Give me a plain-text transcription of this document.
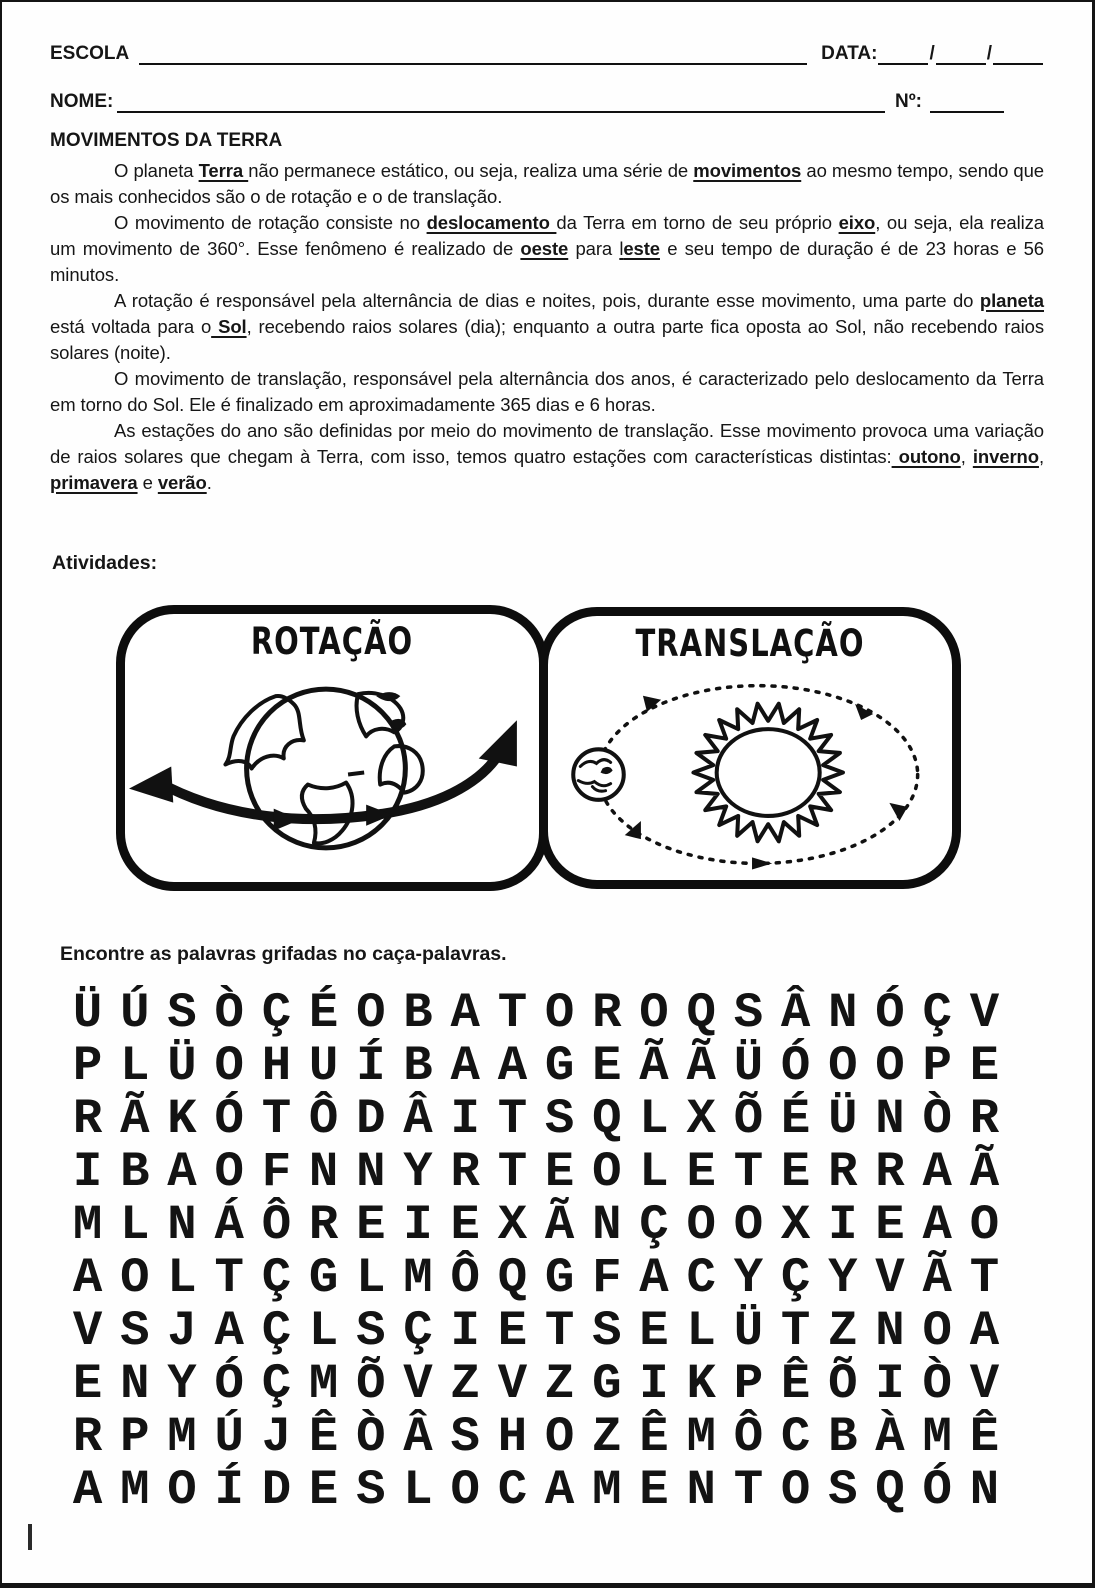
ESCOLA	DATA:	/	/
NOME:	Nº:
MOVIMENTOS DA TERRA

O planeta Terra não permanece estático, ou seja, realiza uma série de movimentos ao mesmo tempo, sendo que os mais conhecidos são o de rotação e o de translação.

O movimento de rotação consiste no deslocamento da Terra em torno de seu próprio eixo, ou seja, ela realiza um movimento de 360°. Esse fenômeno é realizado de oeste para leste e seu tempo de duração é de 23 horas e 56 minutos.

A rotação é responsável pela alternância de dias e noites, pois, durante esse movimento, uma parte do planeta está voltada para o Sol, recebendo raios solares (dia); enquanto a outra parte fica oposta ao Sol, não recebendo raios solares (noite).

O movimento de translação, responsável pela alternância dos anos, é caracterizado pelo deslocamento da Terra em torno do Sol. Ele é finalizado em aproximadamente 365 dias e 6 horas.

As estações do ano são definidas por meio do movimento de translação. Esse movimento provoca uma variação de raios solares que chegam à Terra, com isso, temos quatro estações com características distintas: outono, inverno, primavera e verão.

Atividades:
ROTAÇÃO	TRANSLAÇÃO
Encontre as palavras grifadas no caça-palavras.
Ü Ú S Ò Ç É O B A T O R O Q S Â N Ó Ç V
P L Ü O H U Í B A A G E Ã Ã Ü Ó O O P E
R Ã K Ó T Ô D Â I T S Q L X Õ É Ü N Ò R
I B A O F N N Y R T E O L E T E R R A Ã
M L N Á Ô R E I E X Ã N Ç O O X I E A O
A O L T Ç G L M Ô Q G F A C Y Ç Y V Ã T
V S J A Ç L S Ç I E T S E L Ü T Z N O A
E N Y Ó Ç M Õ V Z V Z G I K P Ê Õ I Ò V
R P M Ú J Ê Ò Â S H O Z Ê M Ô C B À M Ê
A M O Í D E S L O C A M E N T O S Q Ó N
